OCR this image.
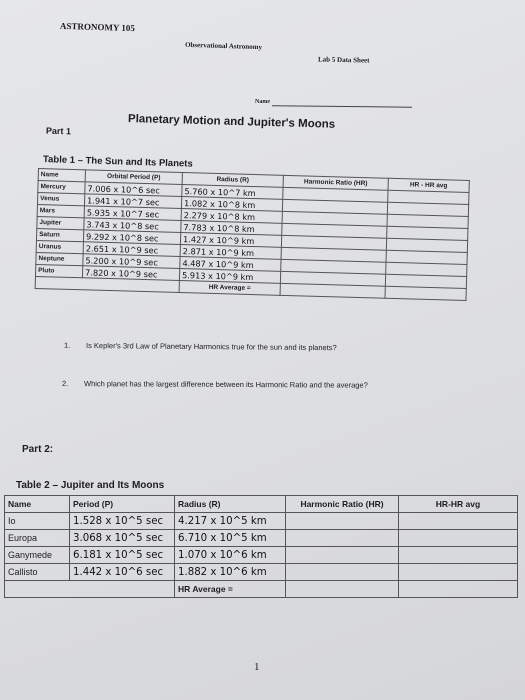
ASTRONOMY 105
Observational Astronomy
Lab 5 Data Sheet
Name
Planetary Motion and Jupiter's Moons
Part 1
Table 1 – The Sun and Its Planets
Name	Orbital Period (P)	Radius (R)	Harmonic Ratio (HR)	HR - HR avg
Mercury	7.006 x 10^6 sec	5.760 x 10^7 km		
Venus	1.941 x 10^7 sec	1.082 x 10^8 km		
Mars	5.935 x 10^7 sec	2.279 x 10^8 km		
Jupiter	3.743 x 10^8 sec	7.783 x 10^8 km		
Saturn	9.292 x 10^8 sec	1.427 x 10^9 km		
Uranus	2.651 x 10^9 sec	2.871 x 10^9 km		
Neptune	5.200 x 10^9 sec	4.487 x 10^9 km		
Pluto	7.820 x 10^9 sec	5.913 x 10^9 km		
		HR Average =		
1. Is Kepler's 3rd Law of Planetary Harmonics true for the sun and its planets?
2. Which planet has the largest difference between its Harmonic Ratio and the average?
Part 2:
Table 2 – Jupiter and Its Moons
Name	Period (P)	Radius (R)	Harmonic Ratio (HR)	HR-HR avg
Io	1.528 x 10^5 sec	4.217 x 10^5 km		
Europa	3.068 x 10^5 sec	6.710 x 10^5 km		
Ganymede	6.181 x 10^5 sec	1.070 x 10^6 km		
Callisto	1.442 x 10^6 sec	1.882 x 10^6 km		
		HR Average =		
1
